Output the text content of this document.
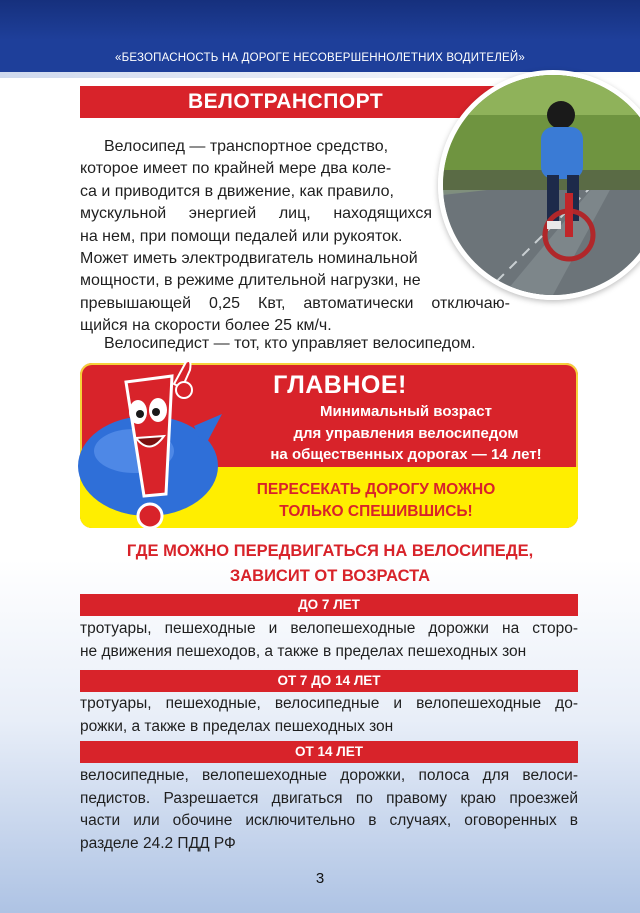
«БЕЗОПАСНОСТЬ НА ДОРОГЕ НЕСОВЕРШЕННОЛЕТНИХ ВОДИТЕЛЕЙ»
ВЕЛОТРАНСПОРТ
Велосипед — транспортное средство,
которое имеет по крайней мере два коле-
са и приводится в движение, как правило,
мускульной энергией лиц, находящихся
на нем, при помощи педалей или рукояток.
Может иметь электродвигатель номинальной
мощности, в режиме длительной нагрузки, не
превышающей 0,25 Квт, автоматически отключаю-
щийся на скорости более 25 км/ч.
Велосипедист — тот, кто управляет велосипедом.
ГЛАВНОЕ!
Минимальный возраст
для управления велосипедом
на общественных дорогах — 14 лет!
ПЕРЕСЕКАТЬ ДОРОГУ МОЖНО
ТОЛЬКО СПЕШИВШИСЬ!
ГДЕ МОЖНО ПЕРЕДВИГАТЬСЯ НА ВЕЛОСИПЕДЕ,
ЗАВИСИТ ОТ ВОЗРАСТА
ДО 7 ЛЕТ
тротуары, пешеходные и велопешеходные дорожки на сторо-
не движения пешеходов, а также в пределах пешеходных зон
ОТ 7 ДО 14 ЛЕТ
тротуары, пешеходные, велосипедные и велопешеходные до-
рожки, а также в пределах пешеходных зон
ОТ 14 ЛЕТ
велосипедные, велопешеходные дорожки, полоса для велоси-
педистов. Разрешается двигаться по правому краю проезжей
части или обочине исключительно в случаях, оговоренных в
разделе 24.2 ПДД РФ
3
